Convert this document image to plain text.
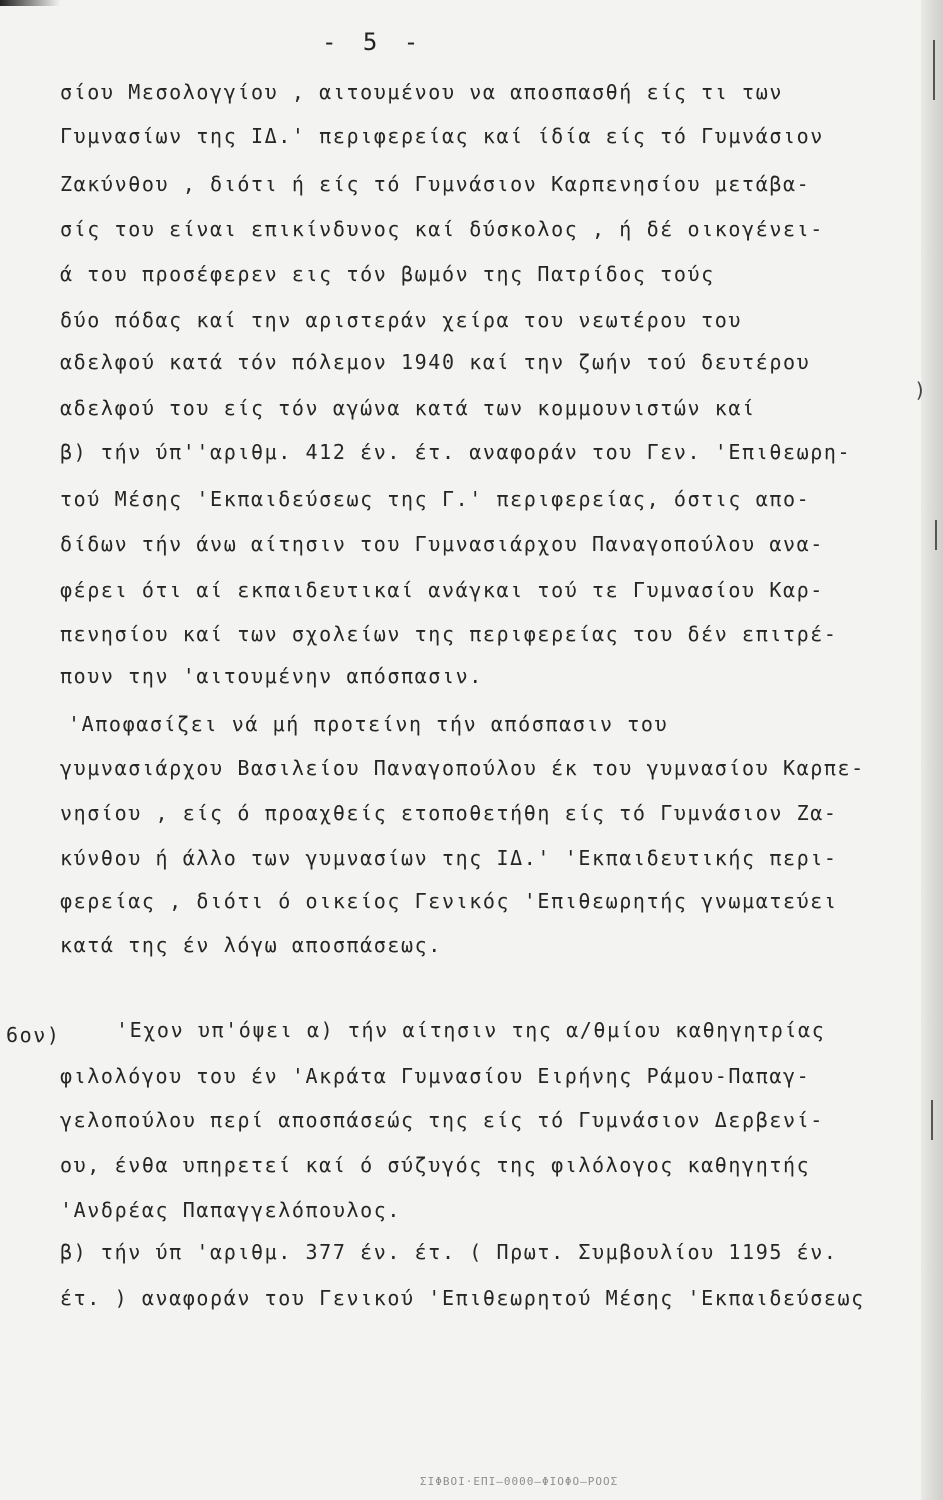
- 5 -
σίου Μεσολογγίου , αιτουμένου να αποσπασθή είς τι των
Γυμνασίων της ΙΔ.' περιφερείας καί ίδία είς τό Γυμνάσιον
Ζακύνθου , διότι ή είς τό Γυμνάσιον Καρπενησίου μετάβα-
σίς του είναι επικίνδυνος καί δύσκολος , ή δέ οικογένει-
ά του προσέφερεν εις τόν βωμόν της Πατρίδος τούς
δύο πόδας καί την αριστεράν χείρα του νεωτέρου του
αδελφού κατά τόν πόλεμον 1940 καί την ζωήν τού δευτέρου
αδελφού του είς τόν αγώνα κατά των κομμουνιστών καί
)
β) τήν ύπ''αριθμ. 412 έν. έτ. αναφοράν του Γεν. 'Επιθεωρη-
τού Μέσης 'Εκπαιδεύσεως της Γ.' περιφερείας, όστις απο-
δίδων τήν άνω αίτησιν του Γυμνασιάρχου Παναγοπούλου ανα-
φέρει ότι αί εκπαιδευτικαί ανάγκαι τού τε Γυμνασίου Καρ-
πενησίου καί των σχολείων της περιφερείας του δέν επιτρέ-
πουν την 'αιτουμένην απόσπασιν.
'Αποφασίζει νά μή προτείνη τήν απόσπασιν του
γυμνασιάρχου Βασιλείου Παναγοπούλου έκ του γυμνασίου Καρπε-
νησίου , είς ό προαχθείς ετοποθετήθη είς τό Γυμνάσιον Ζα-
κύνθου ή άλλο των γυμνασίων της ΙΔ.' 'Εκπαιδευτικής περι-
φερείας , διότι ό οικείος Γενικός 'Επιθεωρητής γνωματεύει
κατά της έν λόγω αποσπάσεως.
6ον)	'Εχον υπ'όψει α) τήν αίτησιν της α/θμίου καθηγητρίας
φιλολόγου του έν 'Ακράτα Γυμνασίου Ειρήνης Ράμου-Παπαγ-
γελοπούλου περί αποσπάσεώς της είς τό Γυμνάσιον Δερβενί-
ου, ένθα υπηρετεί καί ό σύζυγός της φιλόλογος καθηγητής
'Ανδρέας Παπαγγελόπουλος.
β) τήν ύπ 'αριθμ. 377 έν. έτ. ( Πρωτ. Συμβουλίου 1195 έν.
έτ. ) αναφοράν του Γενικού 'Επιθεωρητού Μέσης 'Εκπαιδεύσεως
‎ΣΙΦΒΟΙ·ΕΠΙ—0000—ΦΙΟΦΟ—ΡΟΟΣ
